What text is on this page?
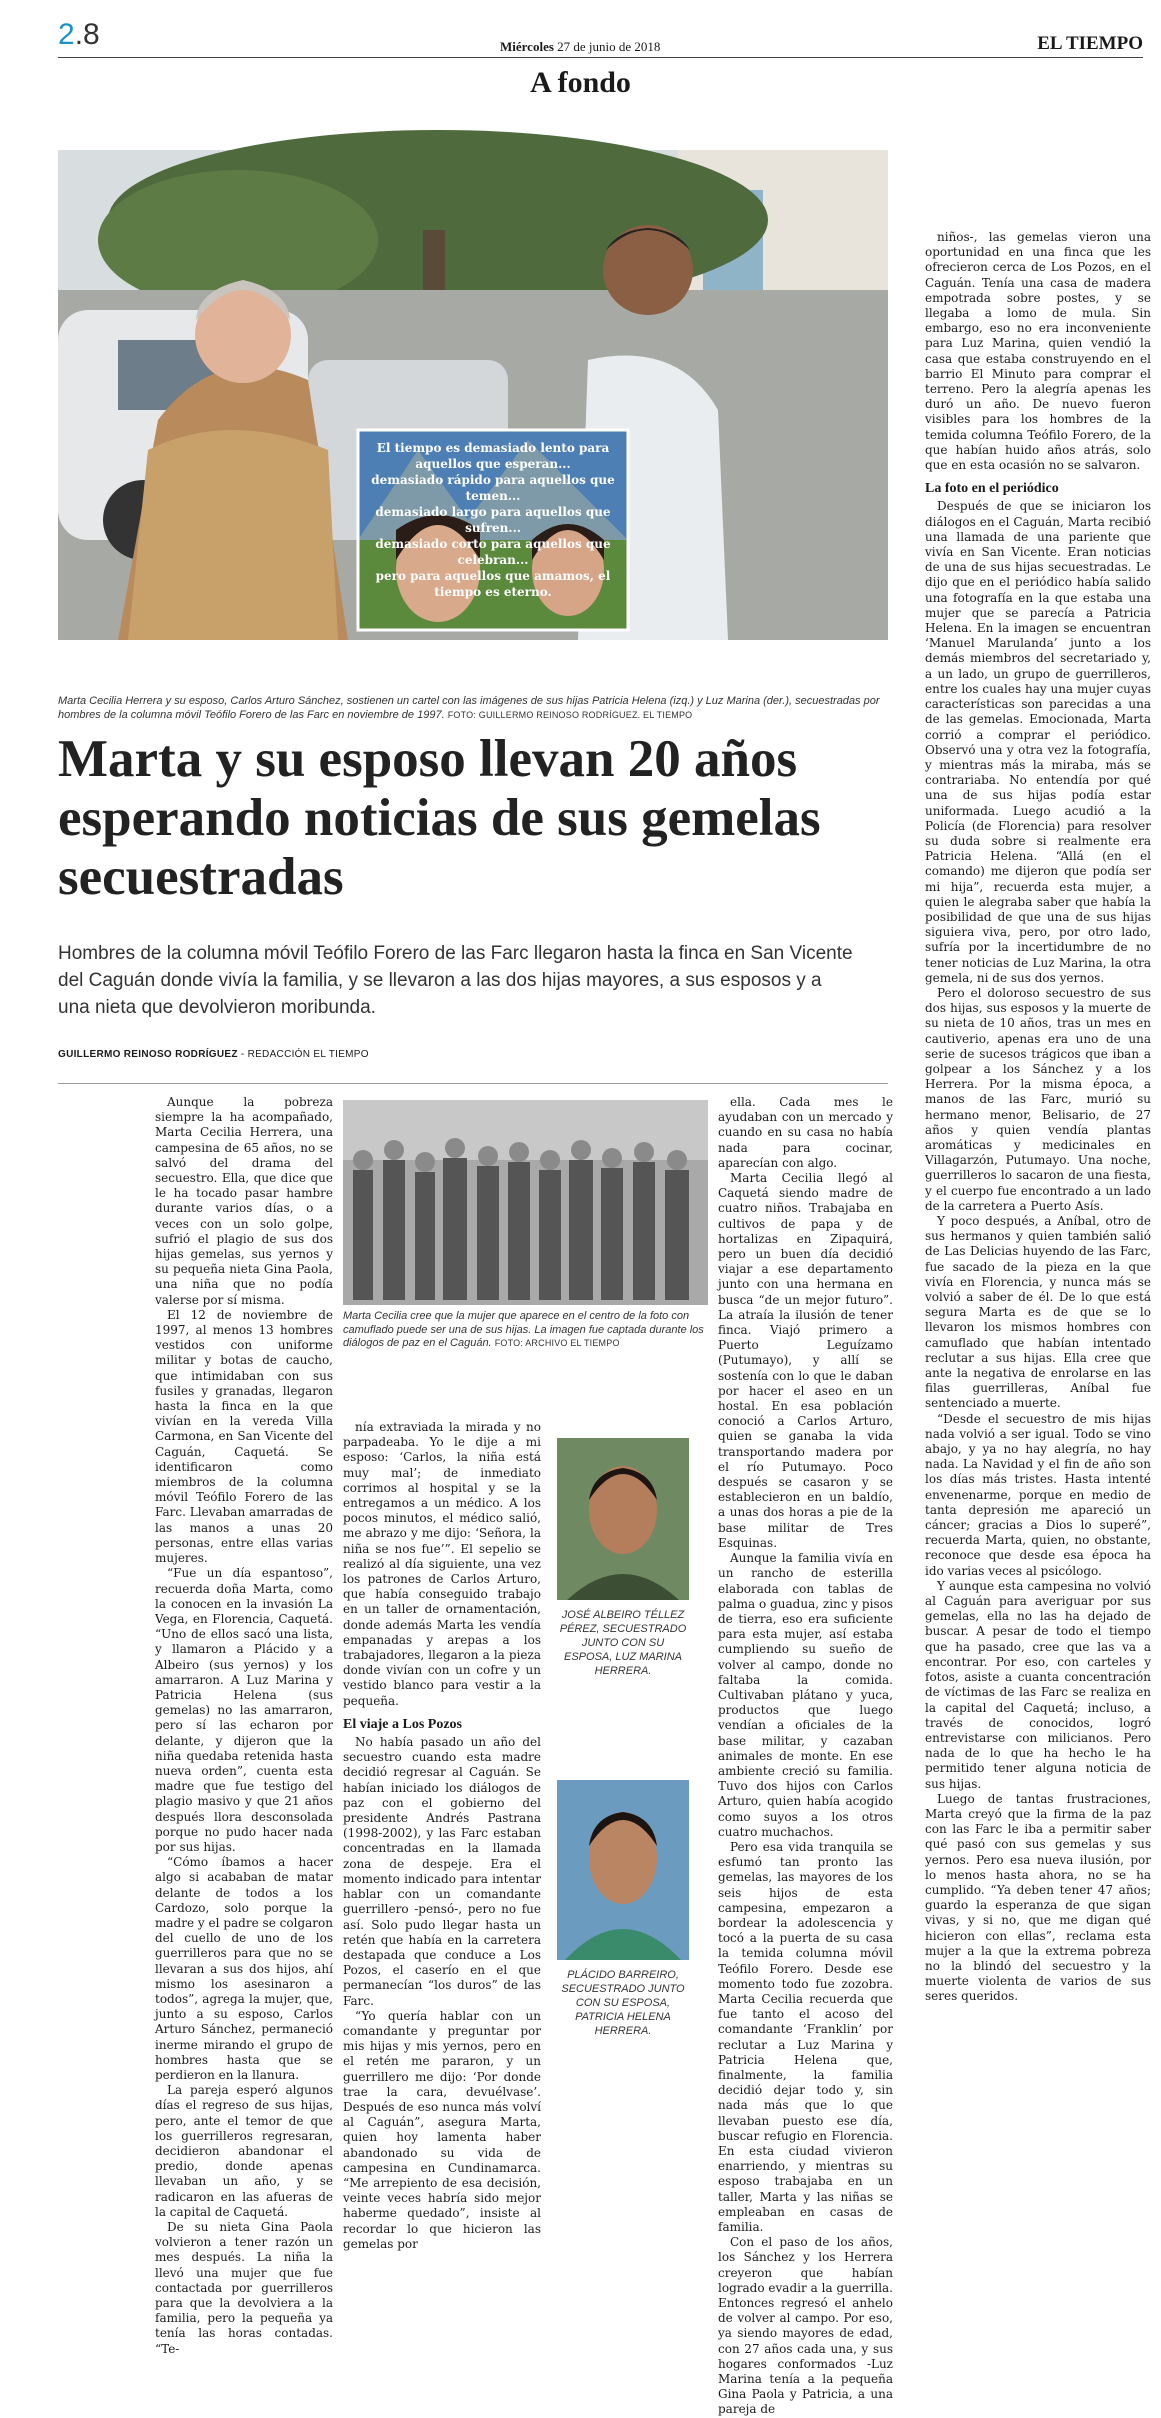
2.8	Miércoles 27 de junio de 2018	EL TIEMPO
A fondo
El tiempo es demasiado lento para aquellos que esperan...
demasiado rápido para aquellos que temen...
demasiado largo para aquellos que sufren...
demasiado corto para aquellos que celebran...
pero para aquellos que amamos, el tiempo es eterno.
Marta Cecilia Herrera y su esposo, Carlos Arturo Sánchez, sostienen un cartel con las imágenes de sus hijas Patricia Helena (izq.) y Luz Marina (der.), secuestradas por hombres de la columna móvil Teófilo Forero de las Farc en noviembre de 1997. FOTO: GUILLERMO REINOSO RODRÍGUEZ. EL TIEMPO
Marta y su esposo llevan 20 años esperando noticias de sus gemelas secuestradas

Hombres de la columna móvil Teófilo Forero de las Farc llegaron hasta la finca en San Vicente del Caguán donde vivía la familia, y se llevaron a las dos hijas mayores, a sus esposos y a una nieta que devolvieron moribunda.

GUILLERMO REINOSO RODRÍGUEZ - REDACCIÓN EL TIEMPO

Aunque la pobreza siempre la ha acompañado, Marta Cecilia Herrera, una campesina de 65 años, no se salvó del drama del secuestro. Ella, que dice que le ha tocado pasar hambre durante varios días, o a veces con un solo golpe, sufrió el plagio de sus dos hijas gemelas, sus yernos y su pequeña nieta Gina Paola, una niña que no podía valerse por sí misma.

El 12 de noviembre de 1997, al menos 13 hombres vestidos con uniforme militar y botas de caucho, que intimidaban con sus fusiles y granadas, llegaron hasta la finca en la que vivían en la vereda Villa Carmona, en San Vicente del Caguán, Caquetá. Se identificaron como miembros de la columna móvil Teófilo Forero de las Farc. Llevaban amarradas de las manos a unas 20 personas, entre ellas varias mujeres.

“Fue un día espantoso”, recuerda doña Marta, como la conocen en la invasión La Vega, en Florencia, Caquetá. “Uno de ellos sacó una lista, y llamaron a Plácido y a Albeiro (sus yernos) y los amarraron. A Luz Marina y Patricia Helena (sus gemelas) no las amarraron, pero sí las echaron por delante, y dijeron que la niña quedaba retenida hasta nueva orden”, cuenta esta madre que fue testigo del plagio masivo y que 21 años después llora desconsolada porque no pudo hacer nada por sus hijas.

“Cómo íbamos a hacer algo si acababan de matar delante de todos a los Cardozo, solo porque la madre y el padre se colgaron del cuello de uno de los guerrilleros para que no se llevaran a sus dos hijos, ahí mismo los asesinaron a todos”, agrega la mujer, que, junto a su esposo, Carlos Arturo Sánchez, permaneció inerme mirando el grupo de hombres hasta que se perdieron en la llanura.

La pareja esperó algunos días el regreso de sus hijas, pero, ante el temor de que los guerrilleros regresaran, decidieron abandonar el predio, donde apenas llevaban un año, y se radicaron en las afueras de la capital de Caquetá.

De su nieta Gina Paola volvieron a tener razón un mes después. La niña la llevó una mujer que fue contactada por guerrilleros para que la devolviera a la familia, pero la pequeña ya tenía las horas contadas. “Te-

Marta Cecilia cree que la mujer que aparece en el centro de la foto con camuflado puede ser una de sus hijas. La imagen fue captada durante los diálogos de paz en el Caguán. FOTO: ARCHIVO EL TIEMPO

nía extraviada la mirada y no parpadeaba. Yo le dije a mi esposo: ‘Carlos, la niña está muy mal’; de inmediato corrimos al hospital y se la entregamos a un médico. A los pocos minutos, el médico salió, me abrazo y me dijo: ‘Señora, la niña se nos fue’”. El sepelio se realizó al día siguiente, una vez los patrones de Carlos Arturo, que había conseguido trabajo en un taller de ornamentación, donde además Marta les vendía empanadas y arepas a los trabajadores, llegaron a la pieza donde vivían con un cofre y un vestido blanco para vestir a la pequeña.

El viaje a Los Pozos

No había pasado un año del secuestro cuando esta madre decidió regresar al Caguán. Se habían iniciado los diálogos de paz con el gobierno del presidente Andrés Pastrana (1998-2002), y las Farc estaban concentradas en la llamada zona de despeje. Era el momento indicado para intentar hablar con un comandante guerrillero -pensó-, pero no fue así. Solo pudo llegar hasta un retén que había en la carretera destapada que conduce a Los Pozos, el caserío en el que permanecían “los duros” de las Farc.

“Yo quería hablar con un comandante y preguntar por mis hijas y mis yernos, pero en el retén me pararon, y un guerrillero me dijo: ‘Por donde trae la cara, devuélvase’. Después de eso nunca más volví al Caguán”, asegura Marta, quien hoy lamenta haber abandonado su vida de campesina en Cundinamarca. “Me arrepiento de esa decisión, veinte veces habría sido mejor haberme quedado”, insiste al recordar lo que hicieron las gemelas por

JOSÉ ALBEIRO TÉLLEZ PÉREZ, SECUESTRADO JUNTO CON SU ESPOSA, LUZ MARINA HERRERA.
PLÁCIDO BARREIRO, SECUESTRADO JUNTO CON SU ESPOSA, PATRICIA HELENA HERRERA.

ella. Cada mes le ayudaban con un mercado y cuando en su casa no había nada para cocinar, aparecían con algo.

Marta Cecilia llegó al Caquetá siendo madre de cuatro niños. Trabajaba en cultivos de papa y de hortalizas en Zipaquirá, pero un buen día decidió viajar a ese departamento junto con una hermana en busca “de un mejor futuro”. La atraía la ilusión de tener finca. Viajó primero a Puerto Leguízamo (Putumayo), y allí se sostenía con lo que le daban por hacer el aseo en un hostal. En esa población conoció a Carlos Arturo, quien se ganaba la vida transportando madera por el río Putumayo. Poco después se casaron y se establecieron en un baldío, a unas dos horas a pie de la base militar de Tres Esquinas.

Aunque la familia vivía en un rancho de esterilla elaborada con tablas de palma o guadua, zinc y pisos de tierra, eso era suficiente para esta mujer, así estaba cumpliendo su sueño de volver al campo, donde no faltaba la comida. Cultivaban plátano y yuca, productos que luego vendían a oficiales de la base militar, y cazaban animales de monte. En ese ambiente creció su familia. Tuvo dos hijos con Carlos Arturo, quien había acogido como suyos a los otros cuatro muchachos.

Pero esa vida tranquila se esfumó tan pronto las gemelas, las mayores de los seis hijos de esta campesina, empezaron a bordear la adolescencia y tocó a la puerta de su casa la temida columna móvil Teófilo Forero. Desde ese momento todo fue zozobra. Marta Cecilia recuerda que fue tanto el acoso del comandante ‘Franklin’ por reclutar a Luz Marina y Patricia Helena que, finalmente, la familia decidió dejar todo y, sin nada más que lo que llevaban puesto ese día, buscar refugio en Florencia. En esta ciudad vivieron enarriendo, y mientras su esposo trabajaba en un taller, Marta y las niñas se empleaban en casas de familia.

Con el paso de los años, los Sánchez y los Herrera creyeron que habían logrado evadir a la guerrilla. Entonces regresó el anhelo de volver al campo. Por eso, ya siendo mayores de edad, con 27 años cada una, y sus hogares conformados -Luz Marina tenía a la pequeña Gina Paola y Patricia, a una pareja de

niños-, las gemelas vieron una oportunidad en una finca que les ofrecieron cerca de Los Pozos, en el Caguán. Tenía una casa de madera empotrada sobre postes, y se llegaba a lomo de mula. Sin embargo, eso no era inconveniente para Luz Marina, quien vendió la casa que estaba construyendo en el barrio El Minuto para comprar el terreno. Pero la alegría apenas les duró un año. De nuevo fueron visibles para los hombres de la temida columna Teófilo Forero, de la que habían huido años atrás, solo que en esta ocasión no se salvaron.

La foto en el periódico

Después de que se iniciaron los diálogos en el Caguán, Marta recibió una llamada de una pariente que vivía en San Vicente. Eran noticias de una de sus hijas secuestradas. Le dijo que en el periódico había salido una fotografía en la que estaba una mujer que se parecía a Patricia Helena. En la imagen se encuentran ‘Manuel Marulanda’ junto a los demás miembros del secretariado y, a un lado, un grupo de guerrilleros, entre los cuales hay una mujer cuyas características son parecidas a una de las gemelas. Emocionada, Marta corrió a comprar el periódico. Observó una y otra vez la fotografía, y mientras más la miraba, más se contrariaba. No entendía por qué una de sus hijas podía estar uniformada. Luego acudió a la Policía (de Florencia) para resolver su duda sobre si realmente era Patricia Helena. “Allá (en el comando) me dijeron que podía ser mi hija”, recuerda esta mujer, a quien le alegraba saber que había la posibilidad de que una de sus hijas siguiera viva, pero, por otro lado, sufría por la incertidumbre de no tener noticias de Luz Marina, la otra gemela, ni de sus dos yernos.

Pero el doloroso secuestro de sus dos hijas, sus esposos y la muerte de su nieta de 10 años, tras un mes en cautiverio, apenas era uno de una serie de sucesos trágicos que iban a golpear a los Sánchez y a los Herrera. Por la misma época, a manos de las Farc, murió su hermano menor, Belisario, de 27 años y quien vendía plantas aromáticas y medicinales en Villagarzón, Putumayo. Una noche, guerrilleros lo sacaron de una fiesta, y el cuerpo fue encontrado a un lado de la carretera a Puerto Asís.

Y poco después, a Aníbal, otro de sus hermanos y quien también salió de Las Delicias huyendo de las Farc, fue sacado de la pieza en la que vivía en Florencia, y nunca más se volvió a saber de él. De lo que está segura Marta es de que se lo llevaron los mismos hombres con camuflado que habían intentado reclutar a sus hijas. Ella cree que ante la negativa de enrolarse en las filas guerrilleras, Aníbal fue sentenciado a muerte.

“Desde el secuestro de mis hijas nada volvió a ser igual. Todo se vino abajo, y ya no hay alegría, no hay nada. La Navidad y el fin de año son los días más tristes. Hasta intenté envenenarme, porque en medio de tanta depresión me apareció un cáncer; gracias a Dios lo superé”, recuerda Marta, quien, no obstante, reconoce que desde esa época ha ido varias veces al psicólogo.

Y aunque esta campesina no volvió al Caguán para averiguar por sus gemelas, ella no las ha dejado de buscar. A pesar de todo el tiempo que ha pasado, cree que las va a encontrar. Por eso, con carteles y fotos, asiste a cuanta concentración de víctimas de las Farc se realiza en la capital del Caquetá; incluso, a través de conocidos, logró entrevistarse con milicianos. Pero nada de lo que ha hecho le ha permitido tener alguna noticia de sus hijas.

Luego de tantas frustraciones, Marta creyó que la firma de la paz con las Farc le iba a permitir saber qué pasó con sus gemelas y sus yernos. Pero esa nueva ilusión, por lo menos hasta ahora, no se ha cumplido. “Ya deben tener 47 años; guardo la esperanza de que sigan vivas, y si no, que me digan qué hicieron con ellas”, reclama esta mujer a la que la extrema pobreza no la blindó del secuestro y la muerte violenta de varios de sus seres queridos.
